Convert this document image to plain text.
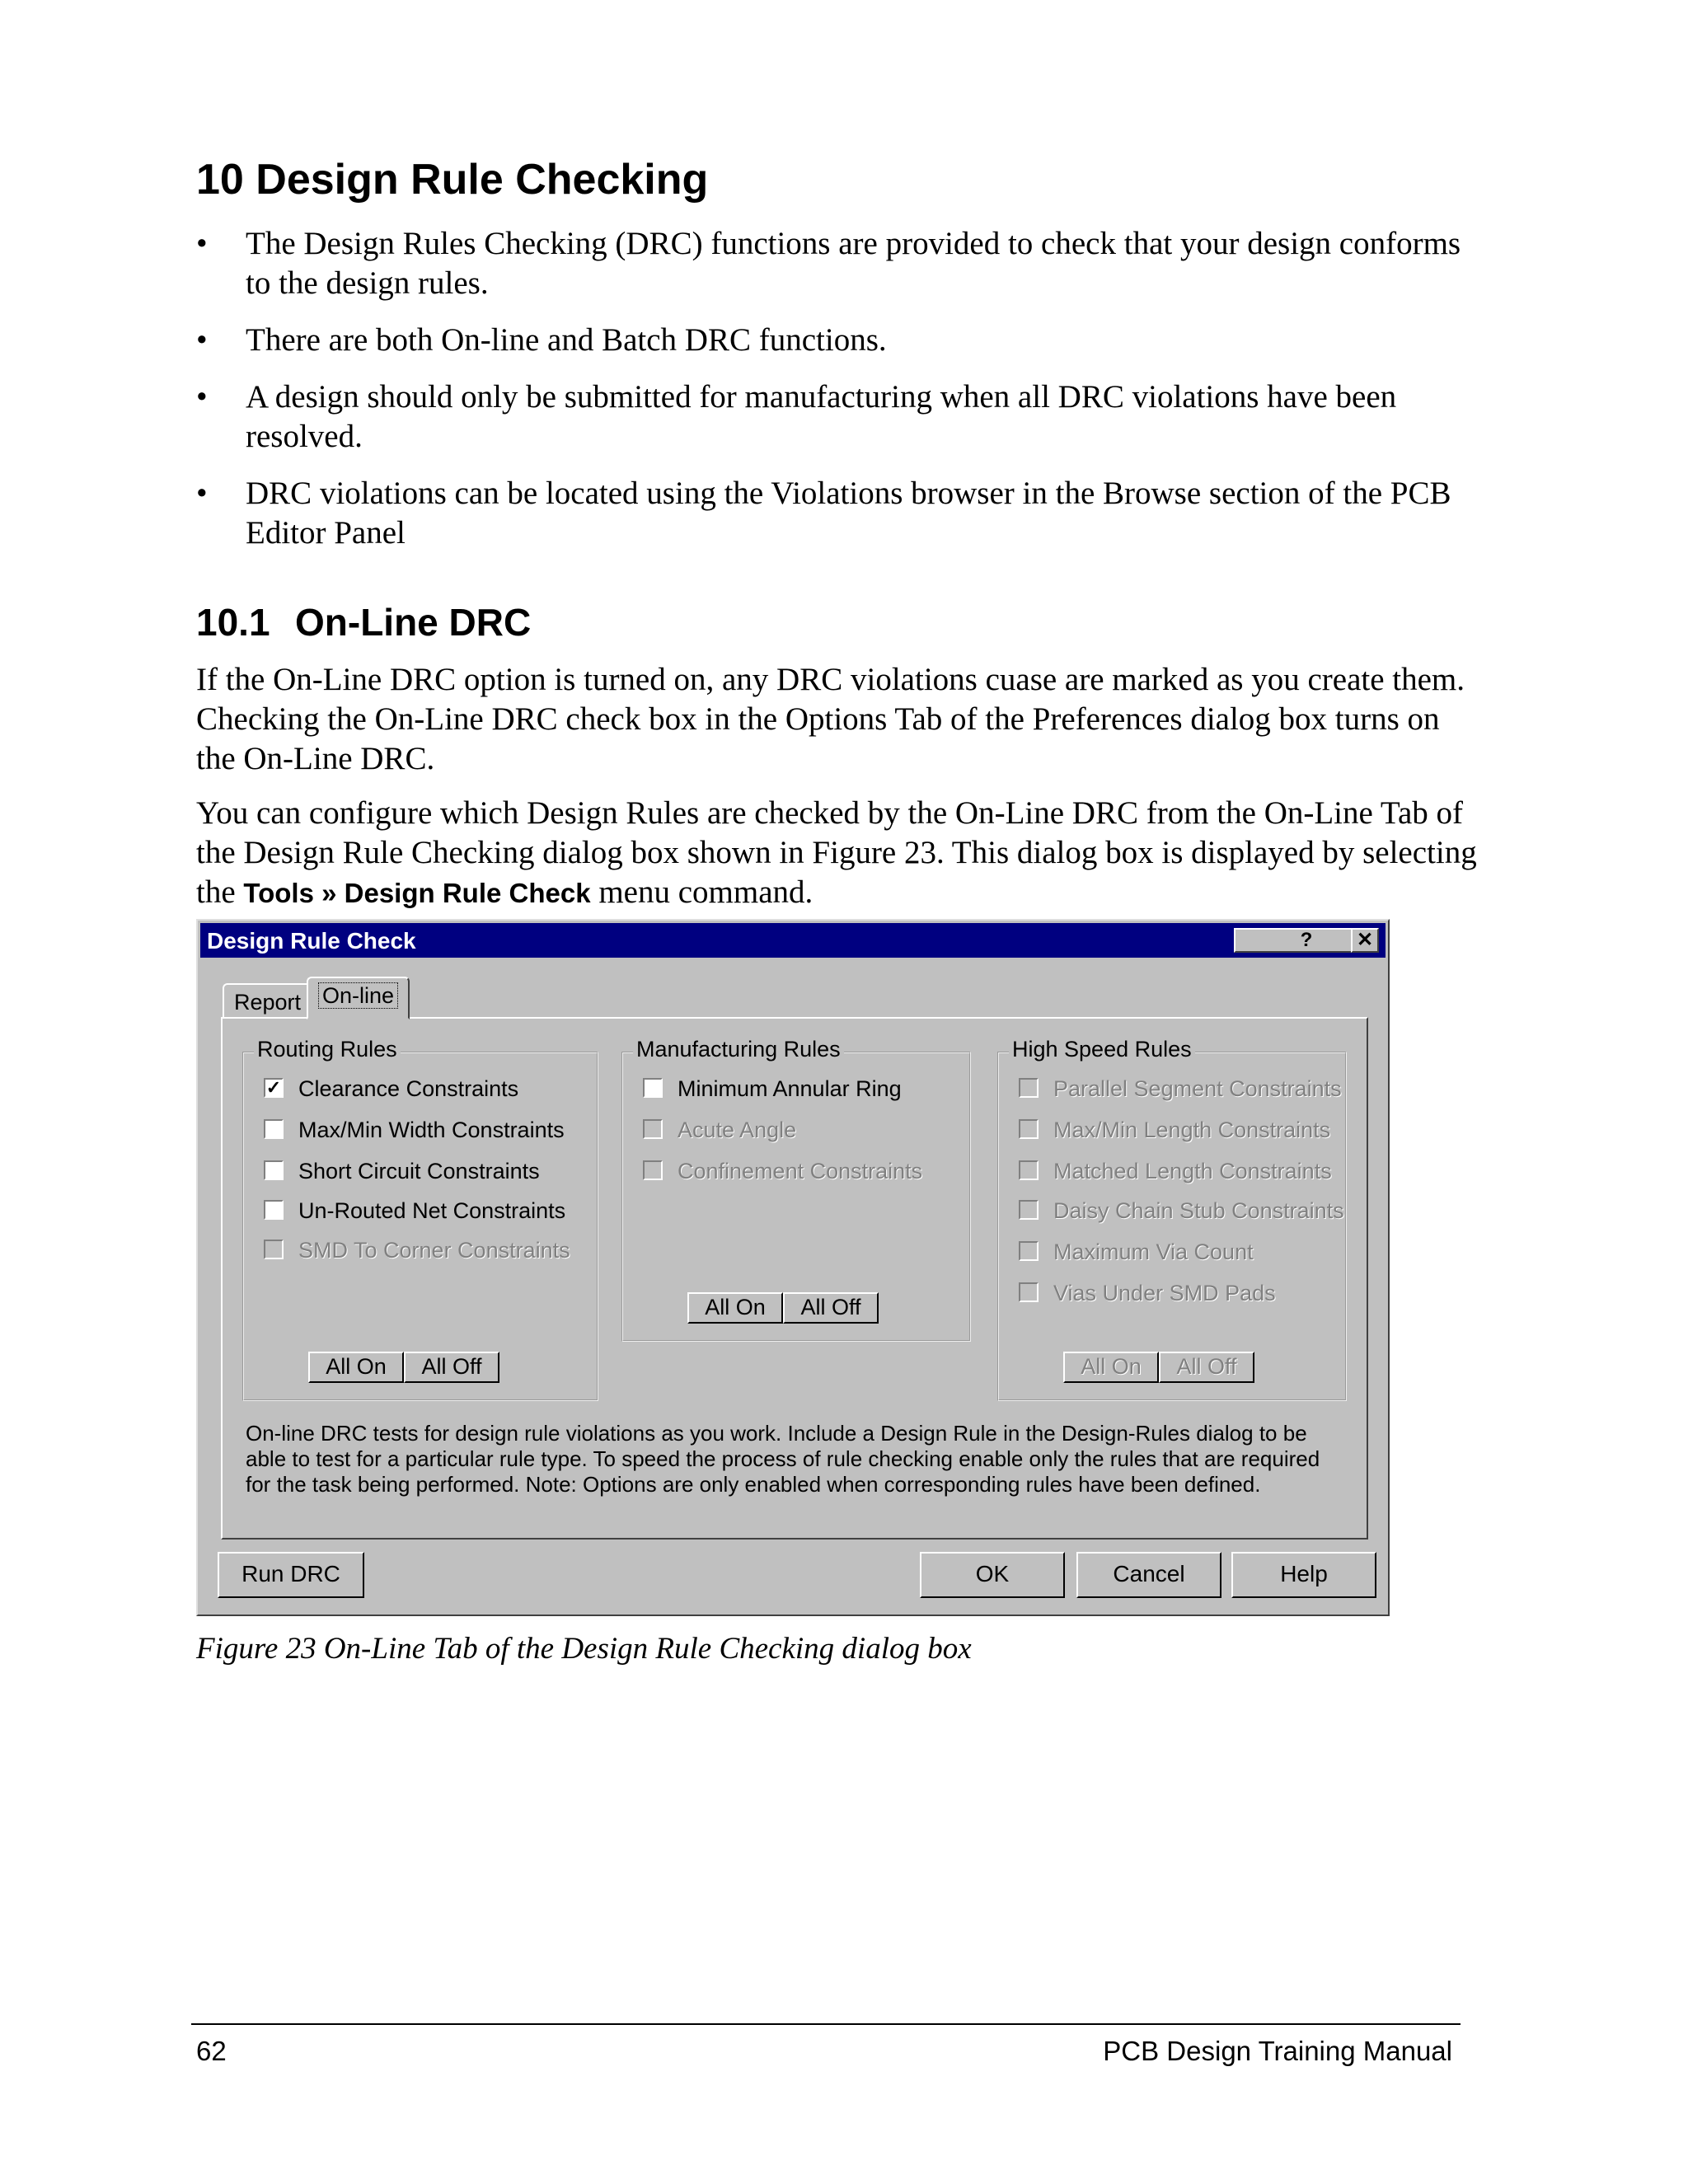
10 Design Rule Checking
• The Design Rules Checking (DRC) functions are provided to check that your design conforms to the design rules.
• There are both On-line and Batch DRC functions.
• A design should only be submitted for manufacturing when all DRC violations have been resolved.
• DRC violations can be located using the Violations browser in the Browse section of the PCB Editor Panel
10.1 On-Line DRC

If the On-Line DRC option is turned on, any DRC violations cuase are marked as you create them. Checking the On-Line DRC check box in the Options Tab of the Preferences dialog box turns on the On-Line DRC.

You can configure which Design Rules are checked by the On-Line DRC from the On-Line Tab of the Design Rule Checking dialog box shown in Figure 23. This dialog box is displayed by selecting the Tools » Design Rule Check menu command.

Design Rule Check	?	✕
Report On-line
Routing Rules
✓ Clearance Constraints
Max/Min Width Constraints
Short Circuit Constraints
Un-Routed Net Constraints
SMD To Corner Constraints
All On	All Off
Manufacturing Rules
Minimum Annular Ring
Acute Angle
Confinement Constraints
All On	All Off
High Speed Rules
Parallel Segment Constraints
Max/Min Length Constraints
Matched Length Constraints
Daisy Chain Stub Constraints
Maximum Via Count
Vias Under SMD Pads
All On	All Off
On-line DRC tests for design rule violations as you work. Include a Design Rule in the Design-Rules dialog to be able to test for a particular rule type. To speed the process of rule checking enable only the rules that are required for the task being performed. Note: Options are only enabled when corresponding rules have been defined.
Run DRC	OK	Cancel	Help

Figure 23 On-Line Tab of the Design Rule Checking dialog box

62	PCB Design Training Manual
